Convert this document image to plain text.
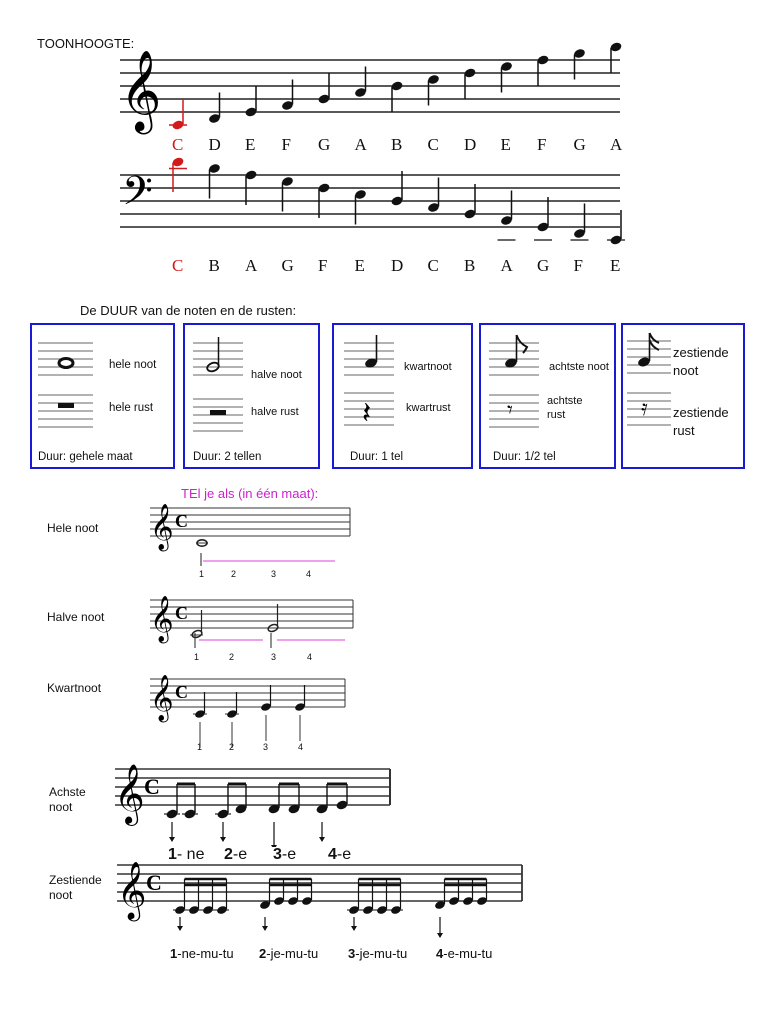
TOONHOOGTE:
𝄞
𝄢
C D E F G A B C D E F G A
C B A G F E D C B A G F E
De DUUR van de noten en de rusten:
hele noot
hele rust
Duur: gehele maat
halve noot
halve rust
Duur: 2 tellen
𝄽
kwartnoot
kwartrust
Duur: 1 tel
𝄾
achtste noot
achtste
rust
Duur: 1/2 tel
𝄿
zestiende
noot
zestiende
rust
TEl je als (in één maat):
Hele noot
Halve noot
Kwartnoot
Achste
noot
Zestiende
noot
𝄞 C
1	2	3	4
𝄞 C
1	2	3	4
𝄞 C
1	2	3	4
𝄞 C
1- ne 2-e 3-e 4-e
𝄞 C
1-ne-mu-tu 2-je-mu-tu 3-je-mu-tu 4-e-mu-tu
